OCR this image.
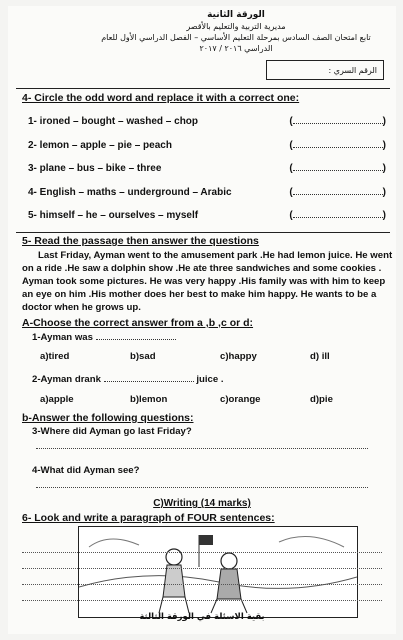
الورقة الثانية
مديرية التربية والتعليم بالأقصر
تابع امتحان الصف السادس بمرحلة التعليم الأساسي – الفصل الدراسي الأول للعام الدراسي ٢٠١٦ / ٢٠١٧
الرقم السري :
4- Circle the odd word and replace it with a correct one:
1- ironed – bought – washed – chop	(	)
2- lemon – apple – pie – peach	(	)
3- plane – bus – bike – three	(	)
4- English – maths – underground – Arabic	(	)
5- himself – he – ourselves – myself	(	)
5- Read the passage then answer the questions
Last Friday, Ayman went to the amusement park .He had lemon juice. He went on a ride .He saw a dolphin show .He ate three sandwiches and some cookies . Ayman took some pictures. He was very happy .His family was with him to keep an eye on him .His mother does her best to make him happy. He wants to be a doctor when he grows up.
A-Choose the correct answer from a ,b ,c or d:
1-Ayman was
a)tired	b)sad	c)happy	d) ill
2-Ayman drank	juice .
a)apple	b)lemon	c)orange	d)pie
b-Answer the following questions:
3-Where did Ayman go last Friday?
4-What did Ayman see?
C)Writing (14 marks)
6- Look and write a paragraph of FOUR sentences:
بقية الاسئلة في الورقة الثالثة
